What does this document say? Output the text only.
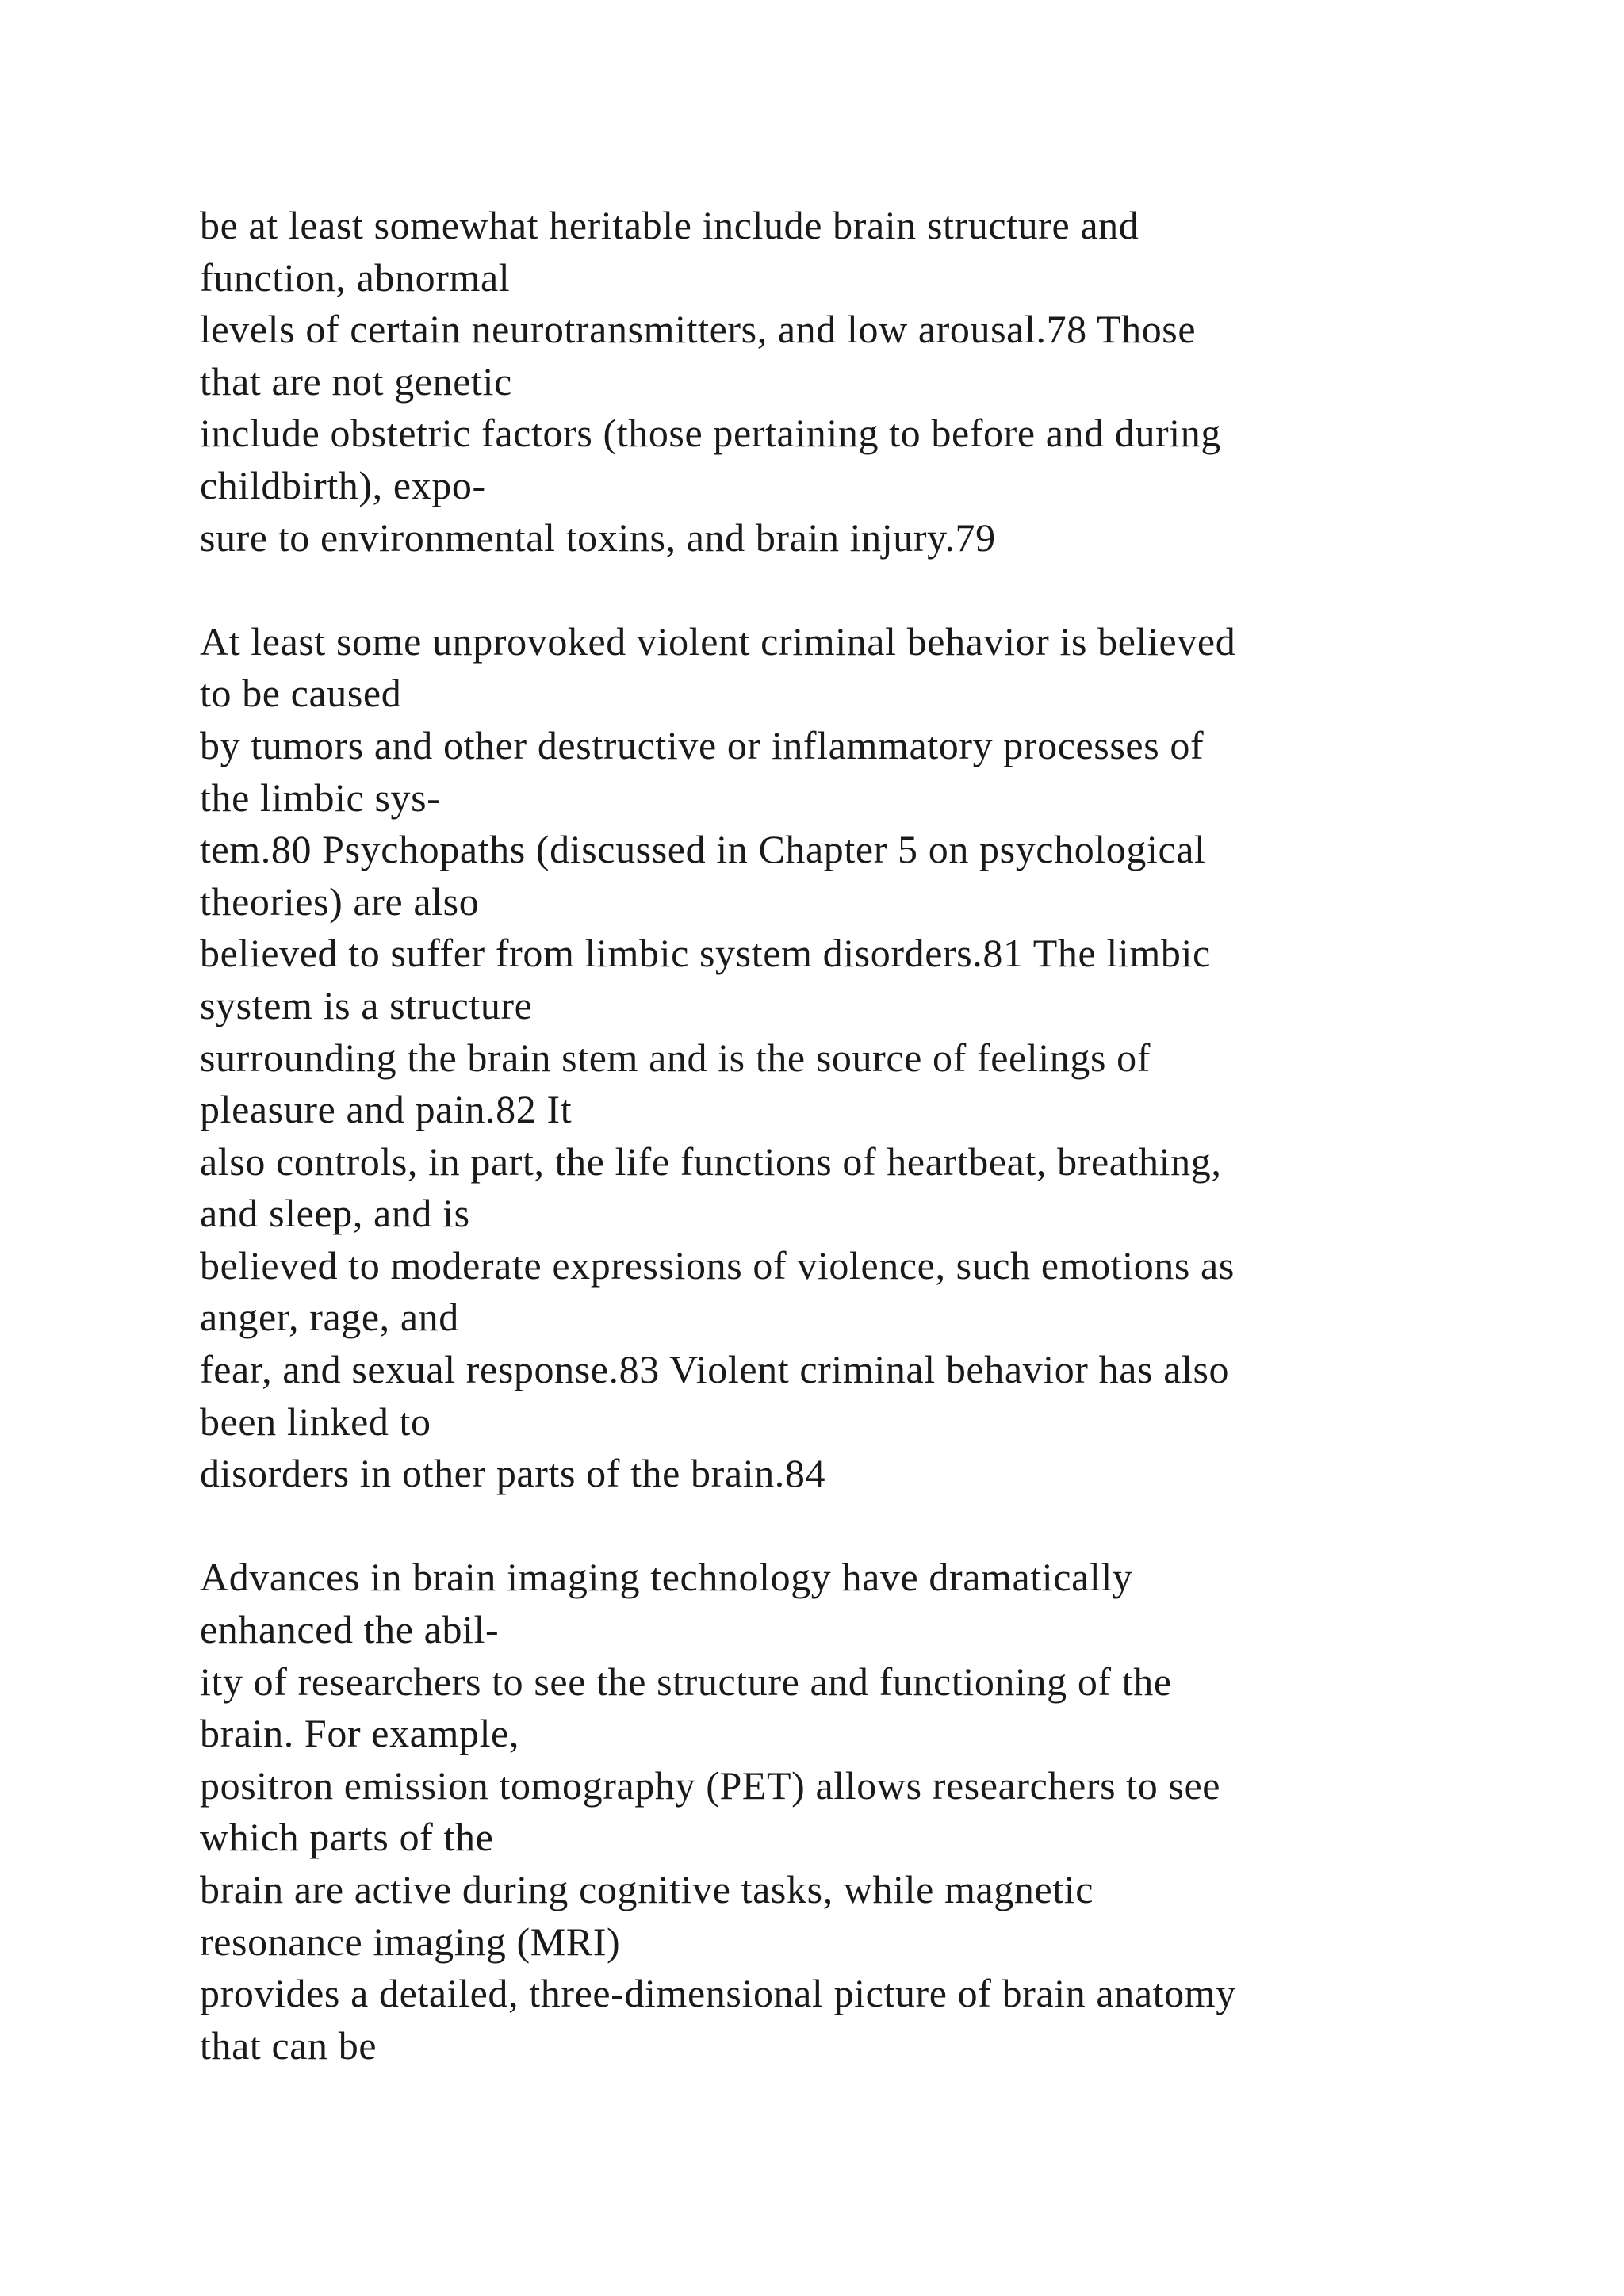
be at least somewhat heritable include brain structure and
function, abnormal
levels of certain neurotransmitters, and low arousal.78 Those
that are not genetic
include obstetric factors (those pertaining to before and during
childbirth), expo-
sure to environmental toxins, and brain injury.79

At least some unprovoked violent criminal behavior is believed
to be caused
by tumors and other destructive or inflammatory processes of
the limbic sys-
tem.80 Psychopaths (discussed in Chapter 5 on psychological
theories) are also
believed to suffer from limbic system disorders.81 The limbic
system is a structure
surrounding the brain stem and is the source of feelings of
pleasure and pain.82 It
also controls, in part, the life functions of heartbeat, breathing,
and sleep, and is
believed to moderate expressions of violence, such emotions as
anger, rage, and
fear, and sexual response.83 Violent criminal behavior has also
been linked to
disorders in other parts of the brain.84

Advances in brain imaging technology have dramatically
enhanced the abil-
ity of researchers to see the structure and functioning of the
brain. For example,
positron emission tomography (PET) allows researchers to see
which parts of the
brain are active during cognitive tasks, while magnetic
resonance imaging (MRI)
provides a detailed, three-dimensional picture of brain anatomy
that can be
